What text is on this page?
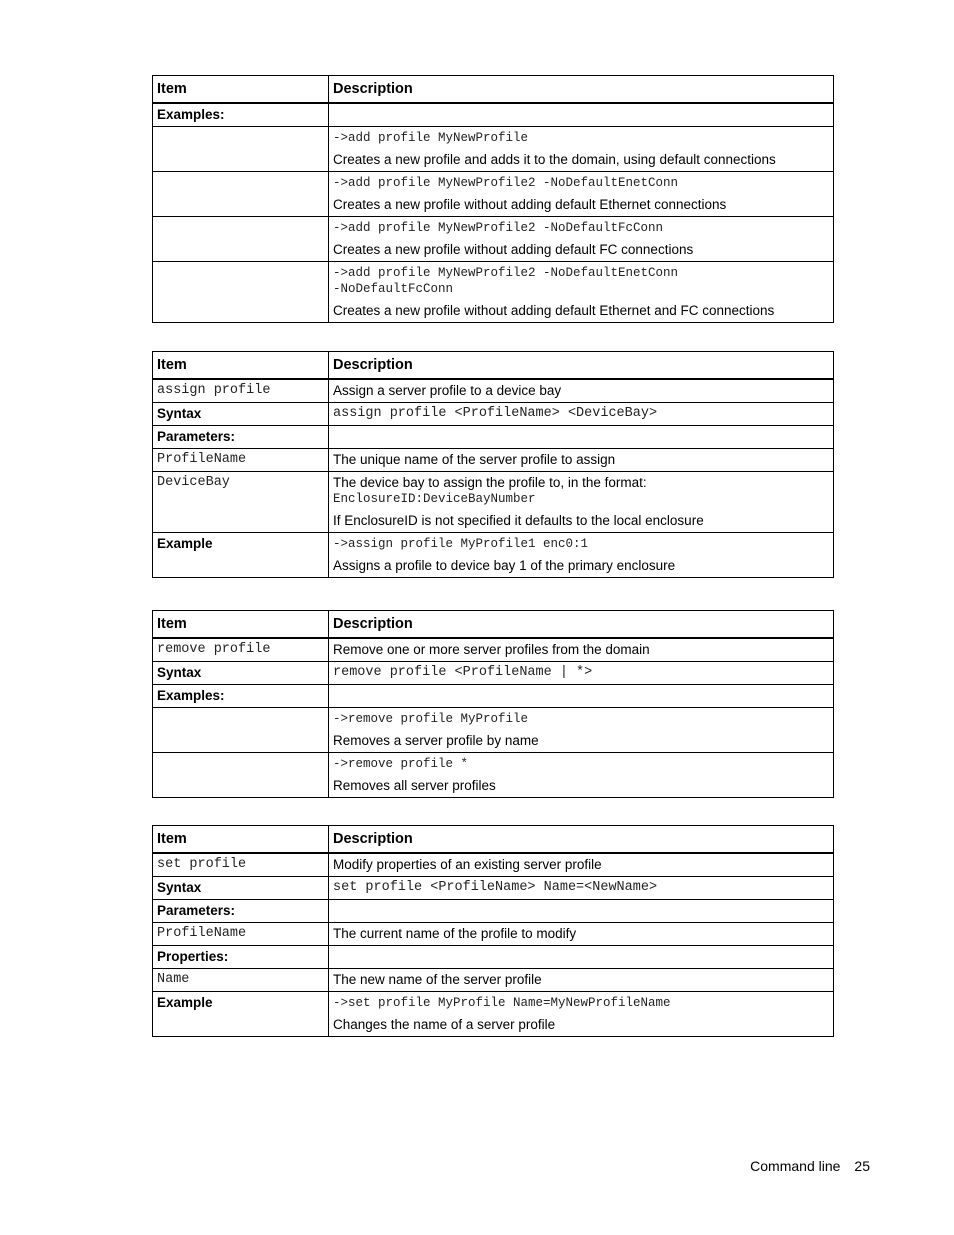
Item	Description
Examples:	

	->add profile MyNewProfile
Creates a new profile and adds it to the domain, using default connections

	->add profile MyNewProfile2 -NoDefaultEnetConn
Creates a new profile without adding default Ethernet connections

	->add profile MyNewProfile2 -NoDefaultFcConn
Creates a new profile without adding default FC connections

	->add profile MyNewProfile2 -NoDefaultEnetConn
-NoDefaultFcConn
Creates a new profile without adding default Ethernet and FC connections
Item	Description
assign profile	Assign a server profile to a device bay
Syntax	assign profile <ProfileName> <DeviceBay>
Parameters:	
ProfileName	The unique name of the server profile to assign
DeviceBay	The device bay to assign the profile to, in the format:
EnclosureID:DeviceBayNumber
If EnclosureID is not specified it defaults to the local enclosure

Example	->assign profile MyProfile1 enc0:1
Assigns a profile to device bay 1 of the primary enclosure
Item	Description
remove profile	Remove one or more server profiles from the domain
Syntax	remove profile <ProfileName | *>
Examples:	

	->remove profile MyProfile
Removes a server profile by name

	->remove profile *
Removes all server profiles
Item	Description
set profile	Modify properties of an existing server profile
Syntax	set profile <ProfileName> Name=<NewName>
Parameters:	
ProfileName	The current name of the profile to modify
Properties:	
Name	The new name of the server profile
Example	->set profile MyProfile Name=MyNewProfileName
Changes the name of a server profile
Command line 25
